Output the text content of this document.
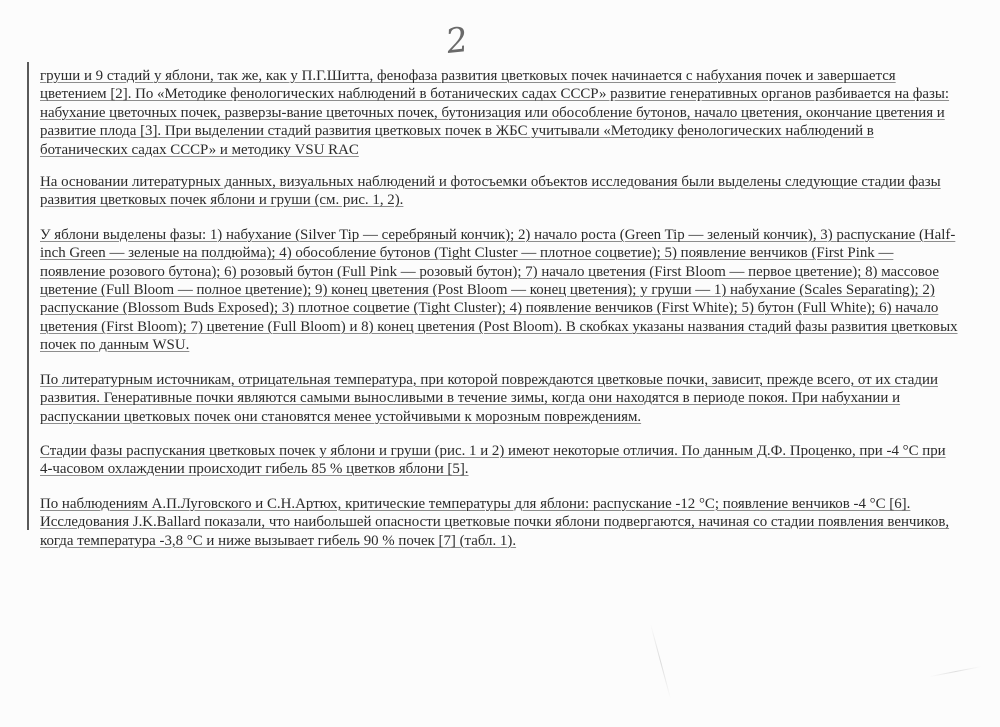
2

груши и 9 стадий у яблони, так же, как у П.Г.Шитта, фенофаза развития цветковых почек начинается с набухания почек и завершается цветением [2]. По «Методике фенологических наблюдений в ботанических садах СССР» развитие генеративных органов разбивается на фазы: набухание цветочных почек, разверзы-вание цветочных почек, бутонизация или обособление бутонов, начало цветения, окончание цветения и развитие плода [3]. При выделении стадий развития цветковых почек в ЖБС учитывали «Методику фенологических наблюдений в ботанических садах СССР» и методику VSU RAC

На основании литературных данных, визуальных наблюдений и фотосъемки объектов исследования были выделены следующие стадии фазы развития цветковых почек яблони и груши (см. рис. 1, 2).

У яблони выделены фазы: 1) набухание (Silver Tip — серебряный кончик); 2) начало роста (Green Tip — зеленый кончик), 3) распускание (Half-inch Green — зеленые на полдюйма); 4) обособление бутонов (Tight Cluster — плотное соцветие); 5) появление венчиков (First Pink — появление розового бутона); 6) розовый бутон (Full Pink — розовый бутон); 7) начало цветения (First Bloom — первое цветение); 8) массовое цветение (Full Bloom — полное цветение); 9) конец цветения (Post Bloom — конец цветения); у груши — 1) набухание (Scales Separating); 2) распускание (Blossom Buds Exposed); 3) плотное соцветие (Tight Cluster); 4) появление венчиков (First White); 5) бутон (Full White); 6) начало цветения (First Bloom); 7) цветение (Full Bloom) и 8) конец цветения (Post Bloom). В скобках указаны названия стадий фазы развития цветковых почек по данным WSU.

По литературным источникам, отрицательная температура, при которой повреждаются цветковые почки, зависит, прежде всего, от их стадии развития. Генеративные почки являются самыми выносливыми в течение зимы, когда они находятся в периоде покоя. При набухании и распускании цветковых почек они становятся менее устойчивыми к морозным повреждениям.

Стадии фазы распускания цветковых почек у яблони и груши (рис. 1 и 2) имеют некоторые отличия. По данным Д.Ф. Проценко, при -4 °С при 4-часовом охлаждении происходит гибель 85 % цветков яблони [5].

По наблюдениям А.П.Луговского и С.Н.Артюх, критические температуры для яблони: распускание -12 °С; появление венчиков -4 °С [6]. Исследования J.K.Ballard показали, что наибольшей опасности цветковые почки яблони подвергаются, начиная со стадии появления венчиков, когда температура -3,8 °С и ниже вызывает гибель 90 % почек [7] (табл. 1).
